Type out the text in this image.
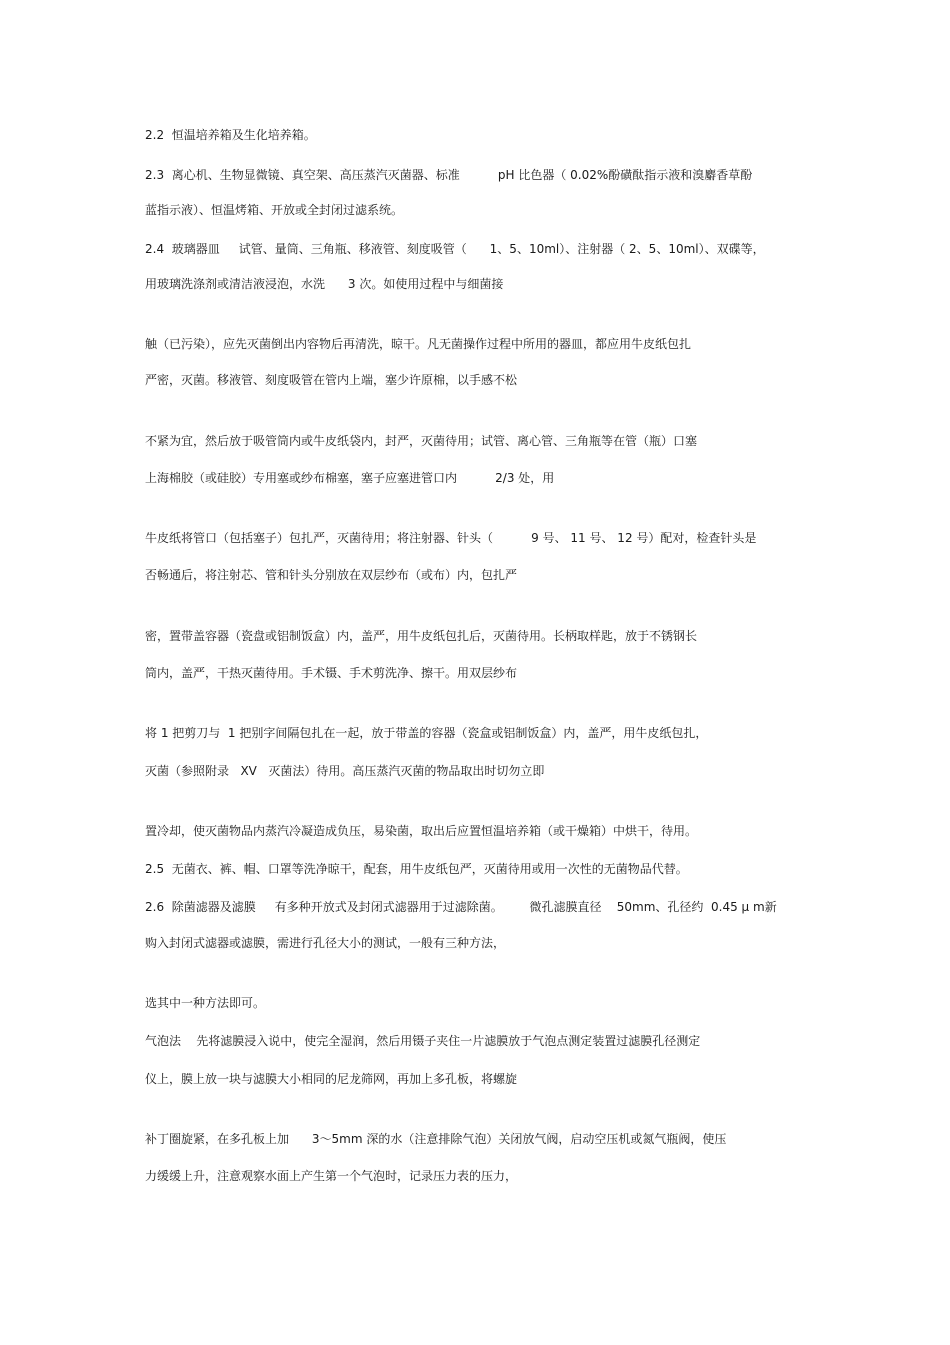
2.2  恒温培养箱及生化培养箱。
2.3  离心机、生物显微镜、真空架、高压蒸汽灭菌器、标准          pH 比色器（ 0.02%酚磺酞指示液和溴麝香草酚
蓝指示液）、恒温烤箱、开放或全封闭过滤系统。
2.4  玻璃器皿     试管、量筒、三角瓶、移液管、刻度吸管（      1、5、10ml）、注射器（ 2、5、10ml）、双碟等，
用玻璃洗涤剂或清洁液浸泡，水洗      3 次。如使用过程中与细菌接
触（已污染），应先灭菌倒出内容物后再清洗，晾干。凡无菌操作过程中所用的器皿，都应用牛皮纸包扎
严密，灭菌。移液管、刻度吸管在管内上端，塞少许原棉，以手感不松
不紧为宜，然后放于吸管筒内或牛皮纸袋内，封严，灭菌待用；试管、离心管、三角瓶等在管（瓶）口塞
上海棉胶（或硅胶）专用塞或纱布棉塞，塞子应塞进管口内          2/3 处，用
牛皮纸将管口（包括塞子）包扎严，灭菌待用；将注射器、针头（          9 号、 11 号、 12 号）配对，检查针头是
否畅通后，将注射芯、管和针头分别放在双层纱布（或布）内，包扎严
密，置带盖容器（瓷盘或铝制饭盒）内，盖严，用牛皮纸包扎后，灭菌待用。长柄取样匙，放于不锈钢长
筒内，盖严，干热灭菌待用。手术镊、手术剪洗净、擦干。用双层纱布
将 1 把剪刀与  1 把别字间隔包扎在一起，放于带盖的容器（瓷盒或铝制饭盒）内，盖严，用牛皮纸包扎，
灭菌（参照附录   XV   灭菌法）待用。高压蒸汽灭菌的物品取出时切勿立即
置冷却，使灭菌物品内蒸汽冷凝造成负压，易染菌，取出后应置恒温培养箱（或干燥箱）中烘干，待用。
2.5  无菌衣、裤、帽、口罩等洗净晾干，配套，用牛皮纸包严，灭菌待用或用一次性的无菌物品代替。
2.6  除菌滤器及滤膜     有多种开放式及封闭式滤器用于过滤除菌。       微孔滤膜直径    50mm、孔径约  0.45 μ m新
购入封闭式滤器或滤膜，需进行孔径大小的测试，一般有三种方法，
选其中一种方法即可。
气泡法    先将滤膜浸入说中，使完全湿润，然后用镊子夹住一片滤膜放于气泡点测定装置过滤膜孔径测定
仪上，膜上放一块与滤膜大小相同的尼龙筛网，再加上多孔板，将螺旋
补丁圈旋紧，在多孔板上加      3～5mm 深的水（注意排除气泡）关闭放气阀，启动空压机或氮气瓶阀，使压
力缓缓上升，注意观察水面上产生第一个气泡时，记录压力表的压力，
